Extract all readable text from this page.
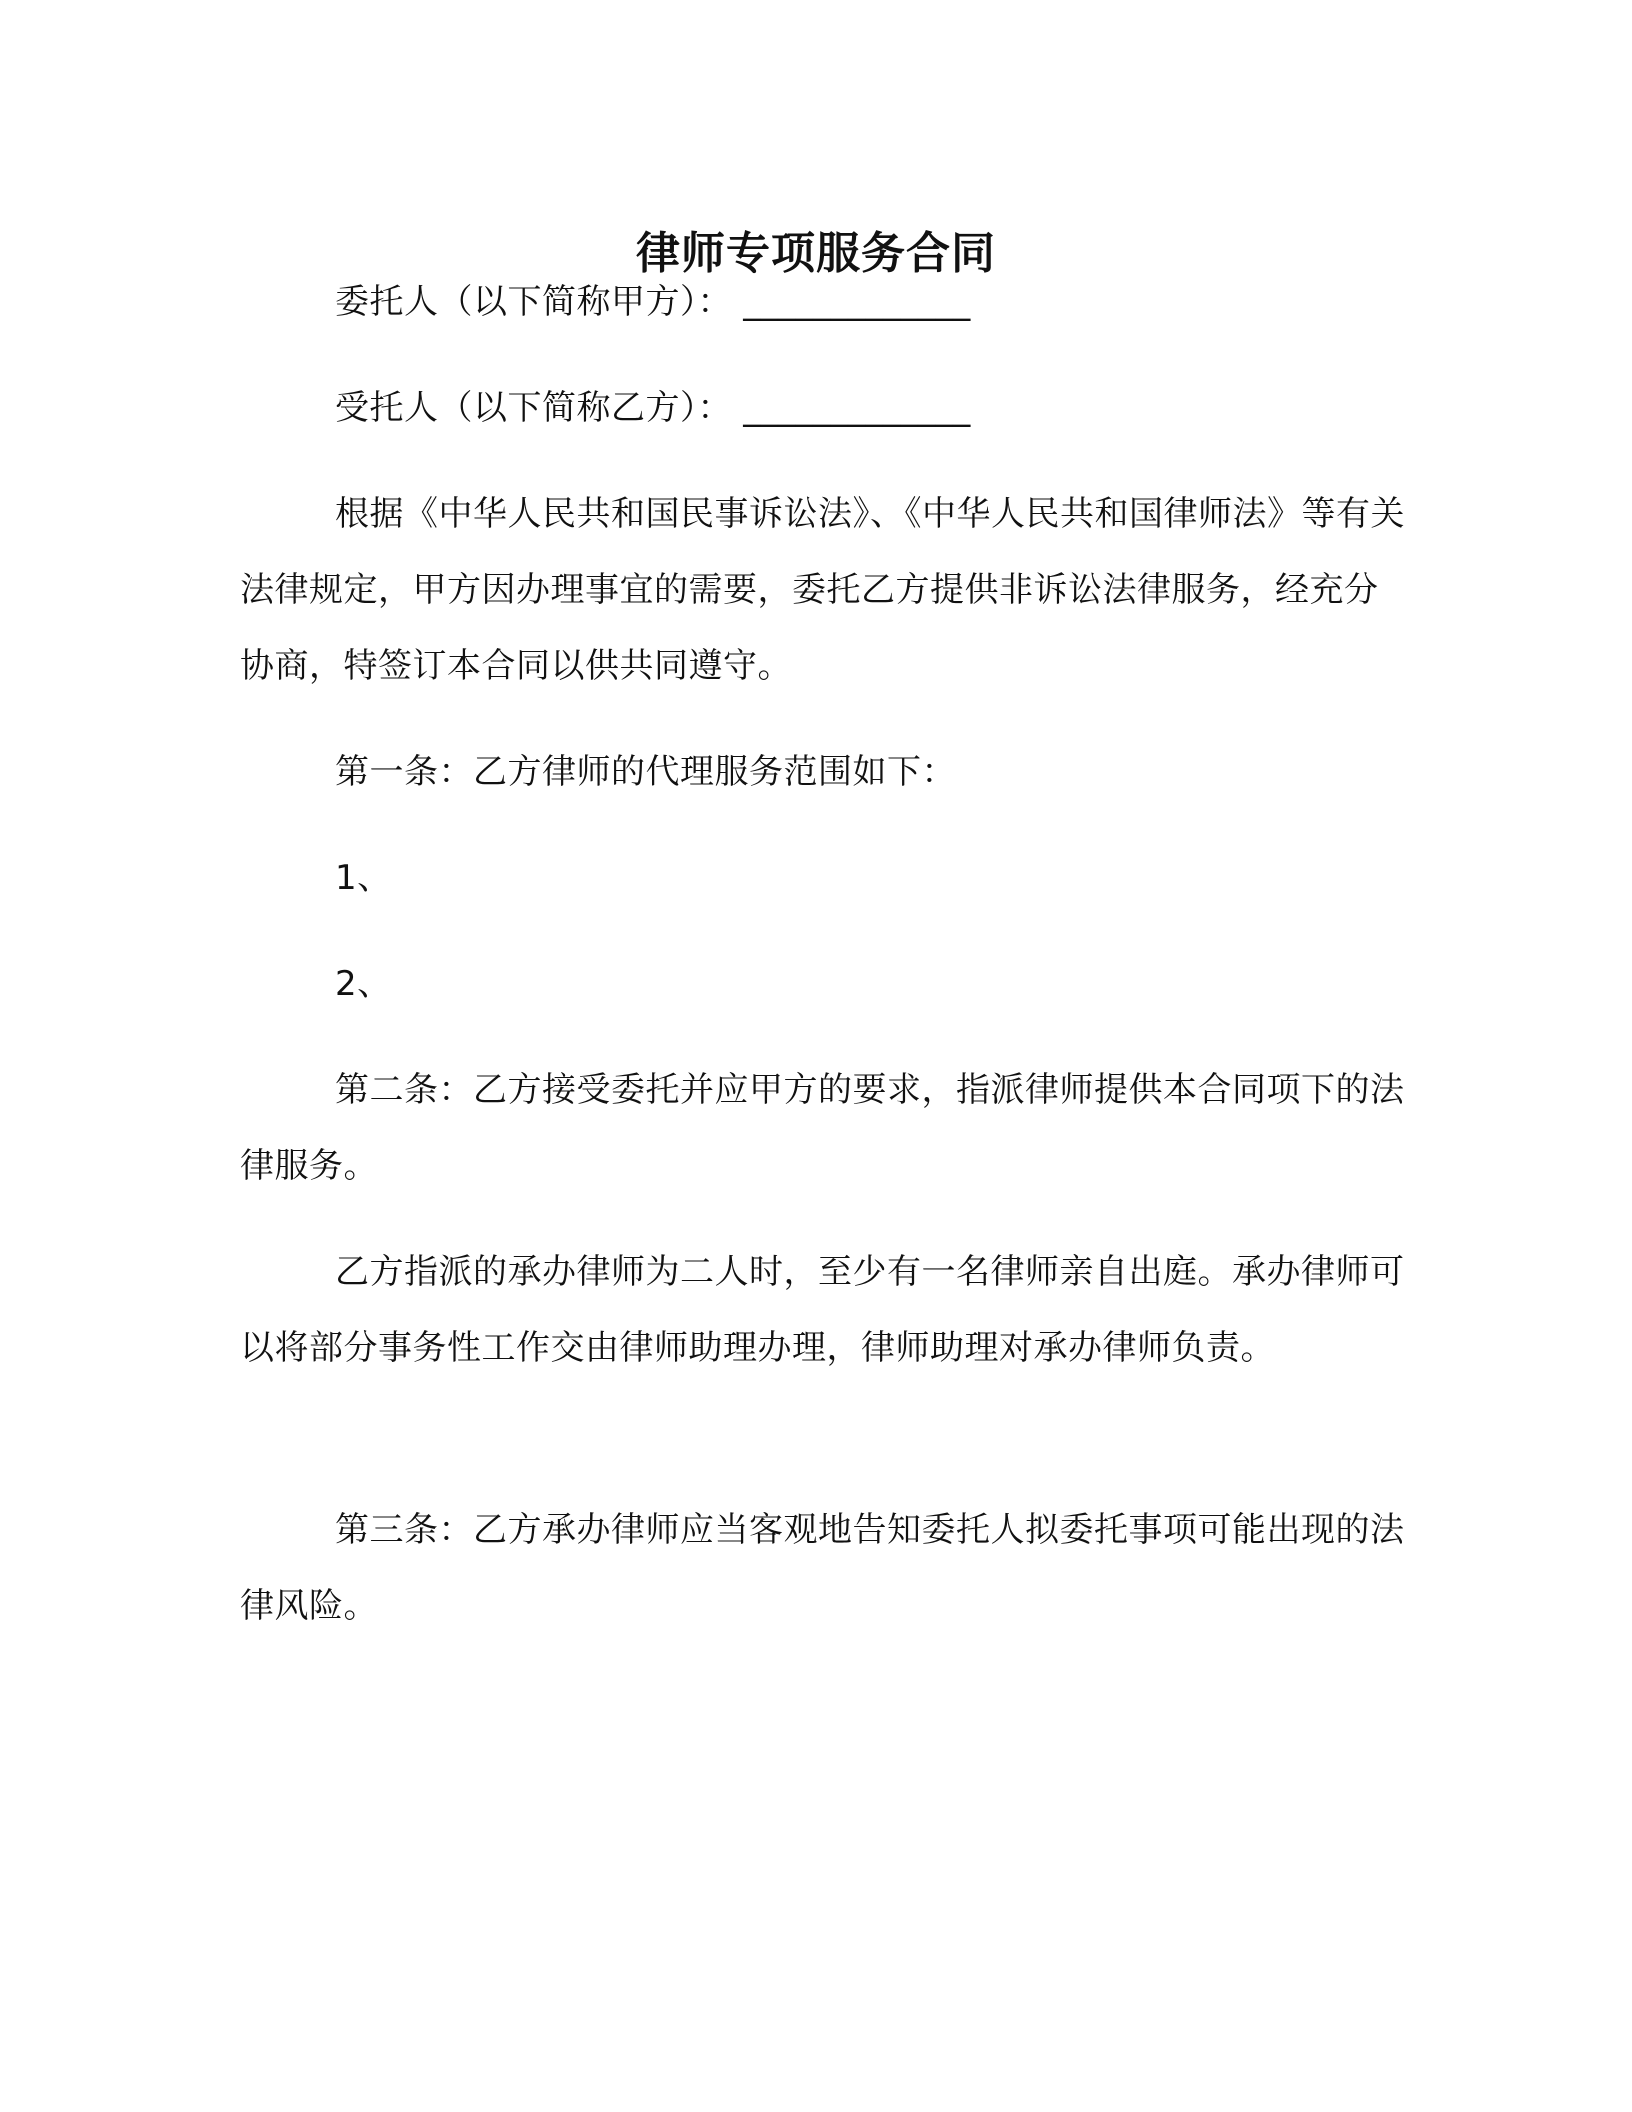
律师专项服务合同

委托人（以下简称甲方）： _____________

受托人（以下简称乙方）： _____________

根据《中华人民共和国民事诉讼法》、《中华人民共和国律师法》等有关法律规定，甲方因办理事宜的需要，委托乙方提供非诉讼法律服务，经充分协商，特签订本合同以供共同遵守。

第一条：乙方律师的代理服务范围如下：

1、

2、

第二条：乙方接受委托并应甲方的要求，指派律师提供本合同项下的法律服务。

乙方指派的承办律师为二人时，至少有一名律师亲自出庭。承办律师可以将部分事务性工作交由律师助理办理，律师助理对承办律师负责。

第三条：乙方承办律师应当客观地告知委托人拟委托事项可能出现的法律风险。
